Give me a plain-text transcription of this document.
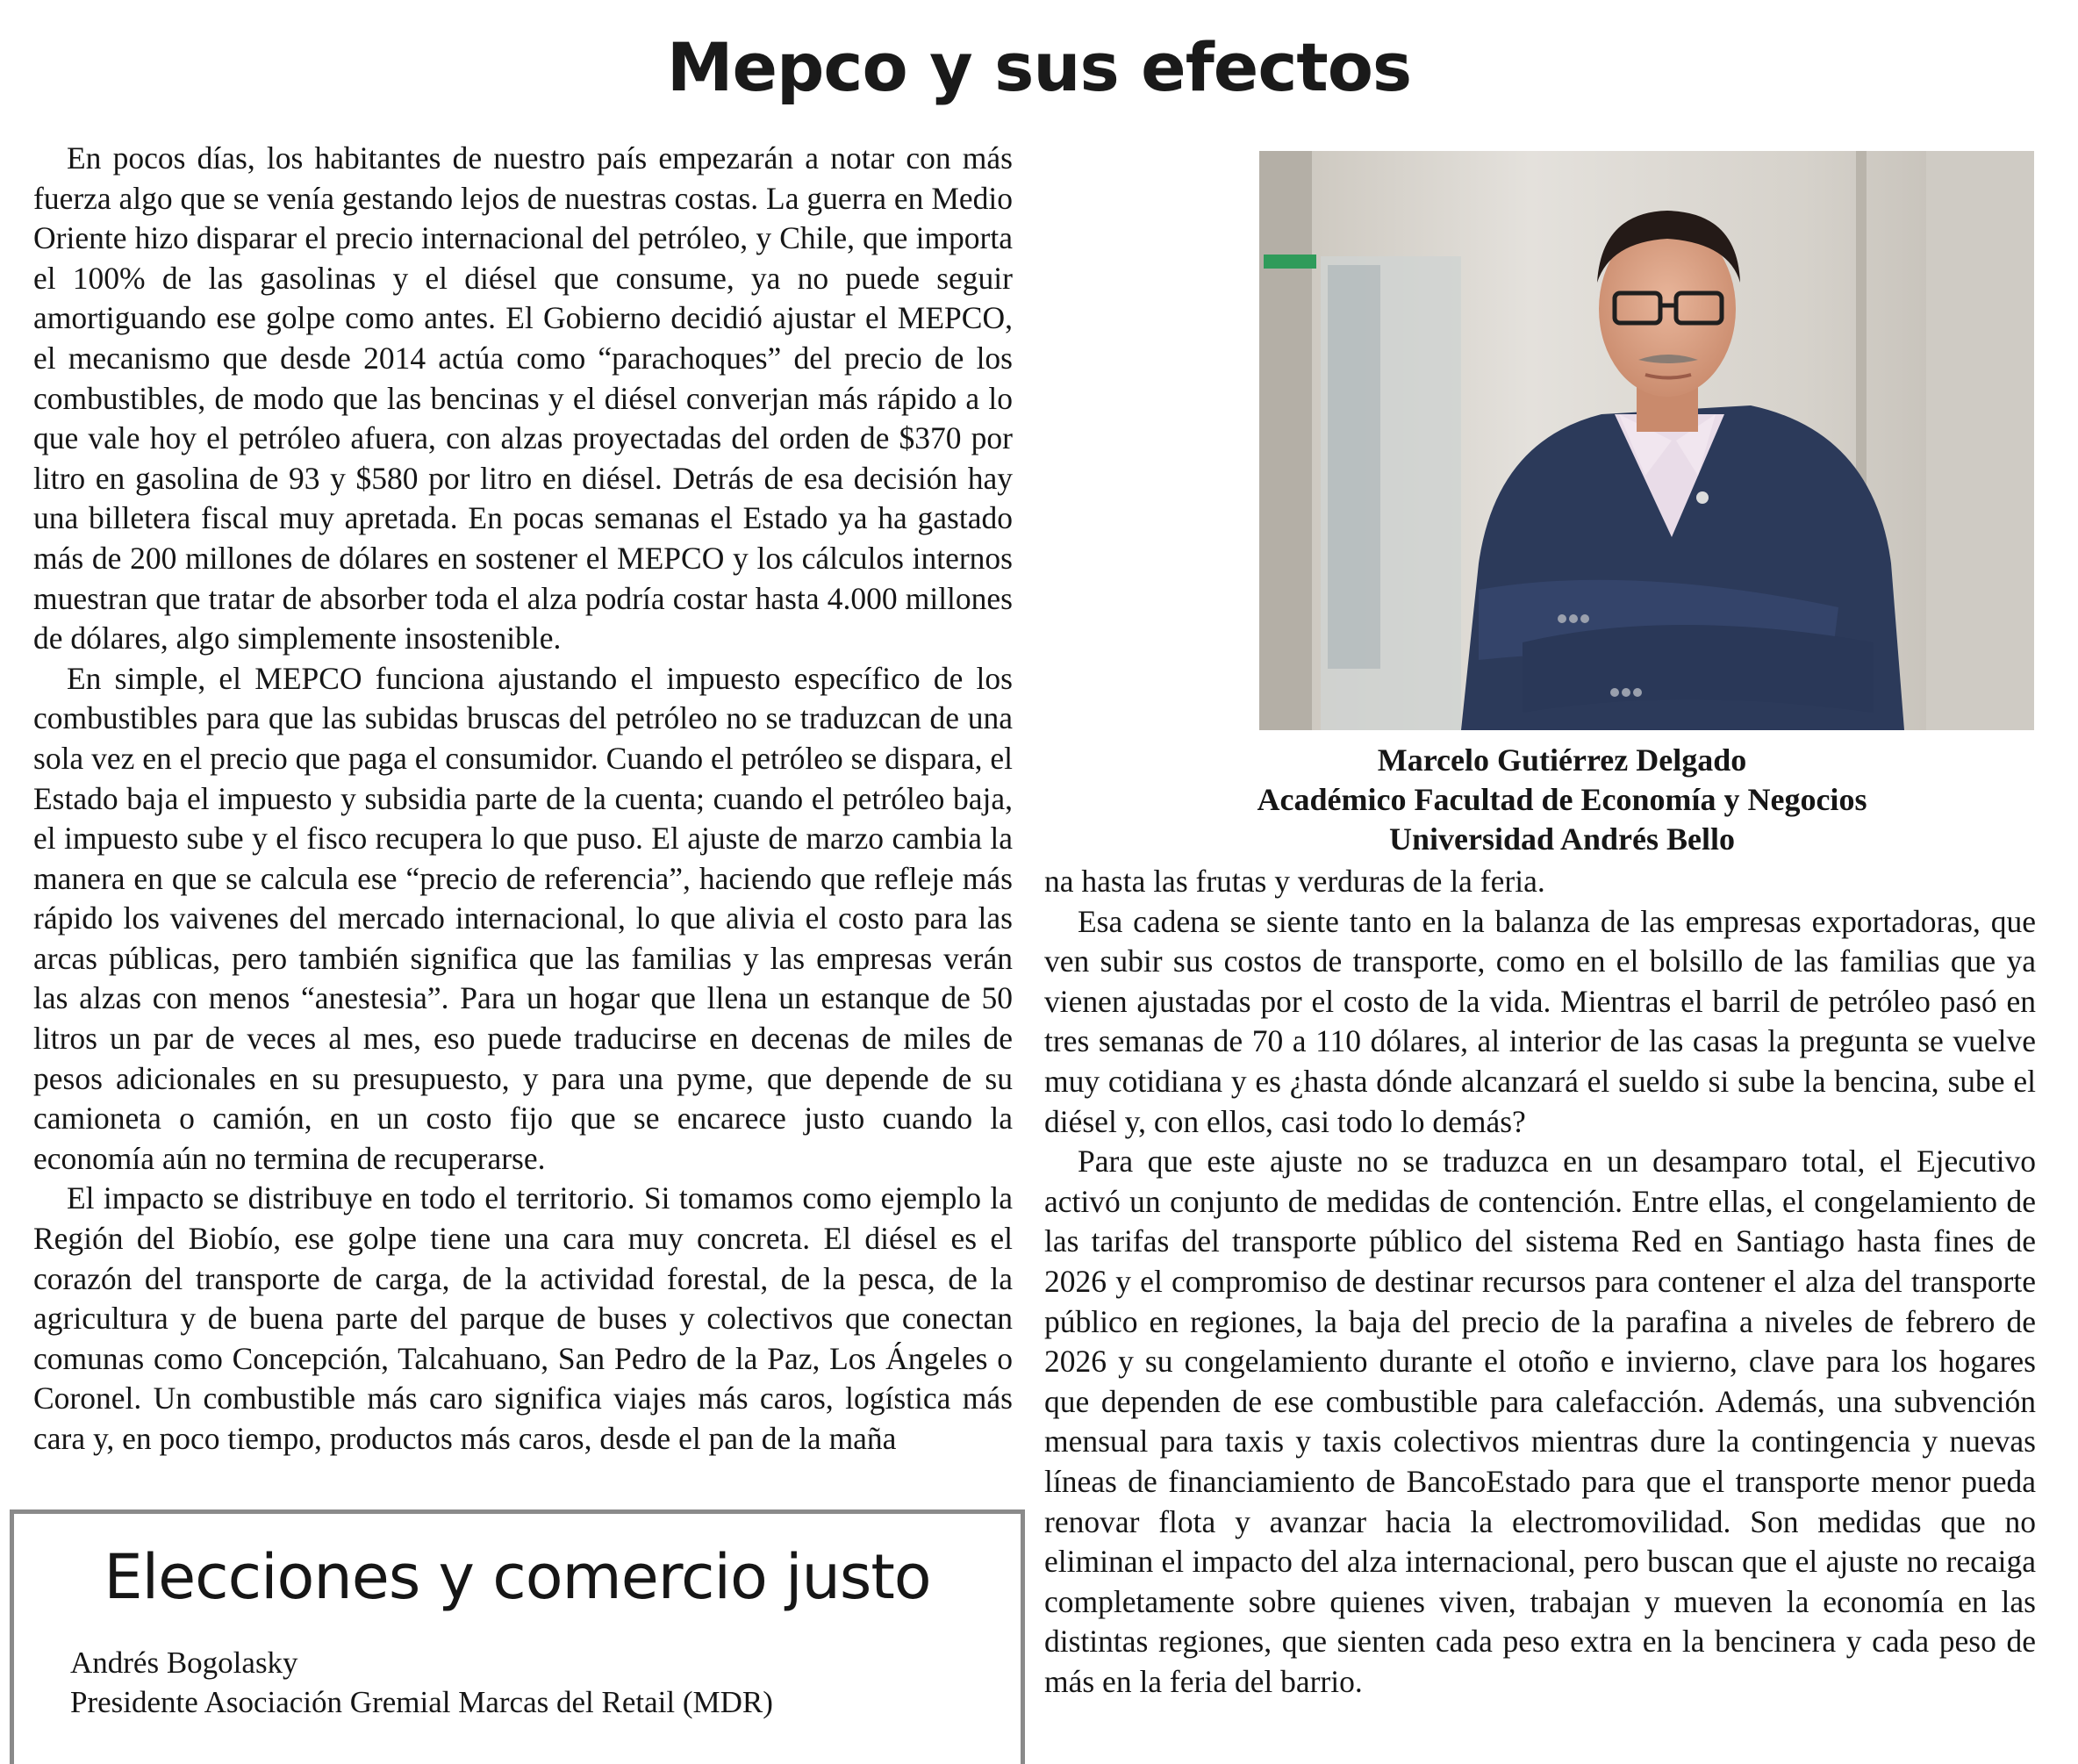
Mepco y sus efectos

En pocos días, los habitantes de nuestro país empezarán a notar con más fuerza algo que se venía gestando lejos de nuestras costas. La guerra en Medio Oriente hizo disparar el precio internacional del petróleo, y Chile, que importa el 100% de las gasolinas y el diésel que consume, ya no puede seguir amortiguando ese golpe como antes. El Gobierno decidió ajustar el MEPCO, el mecanismo que desde 2014 actúa como “parachoques” del precio de los combustibles, de modo que las bencinas y el diésel converjan más rápido a lo que vale hoy el petróleo afuera, con alzas proyectadas del orden de $370 por litro en gasolina de 93 y $580 por litro en diésel. Detrás de esa decisión hay una billetera fiscal muy apretada. En pocas semanas el Estado ya ha gastado más de 200 millones de dólares en sostener el MEPCO y los cálculos internos muestran que tratar de absorber toda el alza podría costar hasta 4.000 millones de dólares, algo simplemente insostenible.

En simple, el MEPCO funciona ajustando el impuesto específico de los combustibles para que las subidas bruscas del petróleo no se traduzcan de una sola vez en el precio que paga el consumidor. Cuando el petróleo se dispara, el Estado baja el impuesto y subsidia parte de la cuenta; cuando el petróleo baja, el impuesto sube y el fisco recupera lo que puso. El ajuste de marzo cambia la manera en que se calcula ese “precio de referencia”, haciendo que refleje más rápido los vaivenes del mercado internacional, lo que alivia el costo para las arcas públicas, pero también significa que las familias y las empresas verán las alzas con menos “anestesia”. Para un hogar que llena un estanque de 50 litros un par de veces al mes, eso puede traducirse en decenas de miles de pesos adicionales en su presupuesto, y para una pyme, que depende de su camioneta o camión, en un costo fijo que se encarece justo cuando la economía aún no termina de recuperarse.

El impacto se distribuye en todo el territorio. Si tomamos como ejemplo la Región del Biobío, ese golpe tiene una cara muy concreta. El diésel es el corazón del transporte de carga, de la actividad forestal, de la pesca, de la agricultura y de buena parte del parque de buses y colectivos que conectan comunas como Concepción, Talcahuano, San Pedro de la Paz, Los Ángeles o Coronel. Un combustible más caro significa viajes más caros, logística más cara y, en poco tiempo, productos más caros, desde el pan de la maña

Marcelo Gutiérrez Delgado
Académico Facultad de Economía y Negocios
Universidad Andrés Bello

na hasta las frutas y verduras de la feria.

Esa cadena se siente tanto en la balanza de las empresas exportadoras, que ven subir sus costos de transporte, como en el bolsillo de las familias que ya vienen ajustadas por el costo de la vida. Mientras el barril de petróleo pasó en tres semanas de 70 a 110 dólares, al interior de las casas la pregunta se vuelve muy cotidiana y es ¿hasta dónde alcanzará el sueldo si sube la bencina, sube el diésel y, con ellos, casi todo lo demás?

Para que este ajuste no se traduzca en un desamparo total, el Ejecutivo activó un conjunto de medidas de contención. Entre ellas, el congelamiento de las tarifas del transporte público del sistema Red en Santiago hasta fines de 2026 y el compromiso de destinar recursos para contener el alza del transporte público en regiones, la baja del precio de la parafina a niveles de febrero de 2026 y su congelamiento durante el otoño e invierno, clave para los hogares que dependen de ese combustible para calefacción. Además, una subvención mensual para taxis y taxis colectivos mientras dure la contingencia y nuevas líneas de financiamiento de BancoEstado para que el transporte menor pueda renovar flota y avanzar hacia la electromovilidad. Son medidas que no eliminan el impacto del alza internacional, pero buscan que el ajuste no recaiga completamente sobre quienes viven, trabajan y mueven la economía en las distintas regiones, que sienten cada peso extra en la bencinera y cada peso de más en la feria del barrio.

Elecciones y comercio justo
Andrés Bogolasky
Presidente Asociación Gremial Marcas del Retail (MDR)
